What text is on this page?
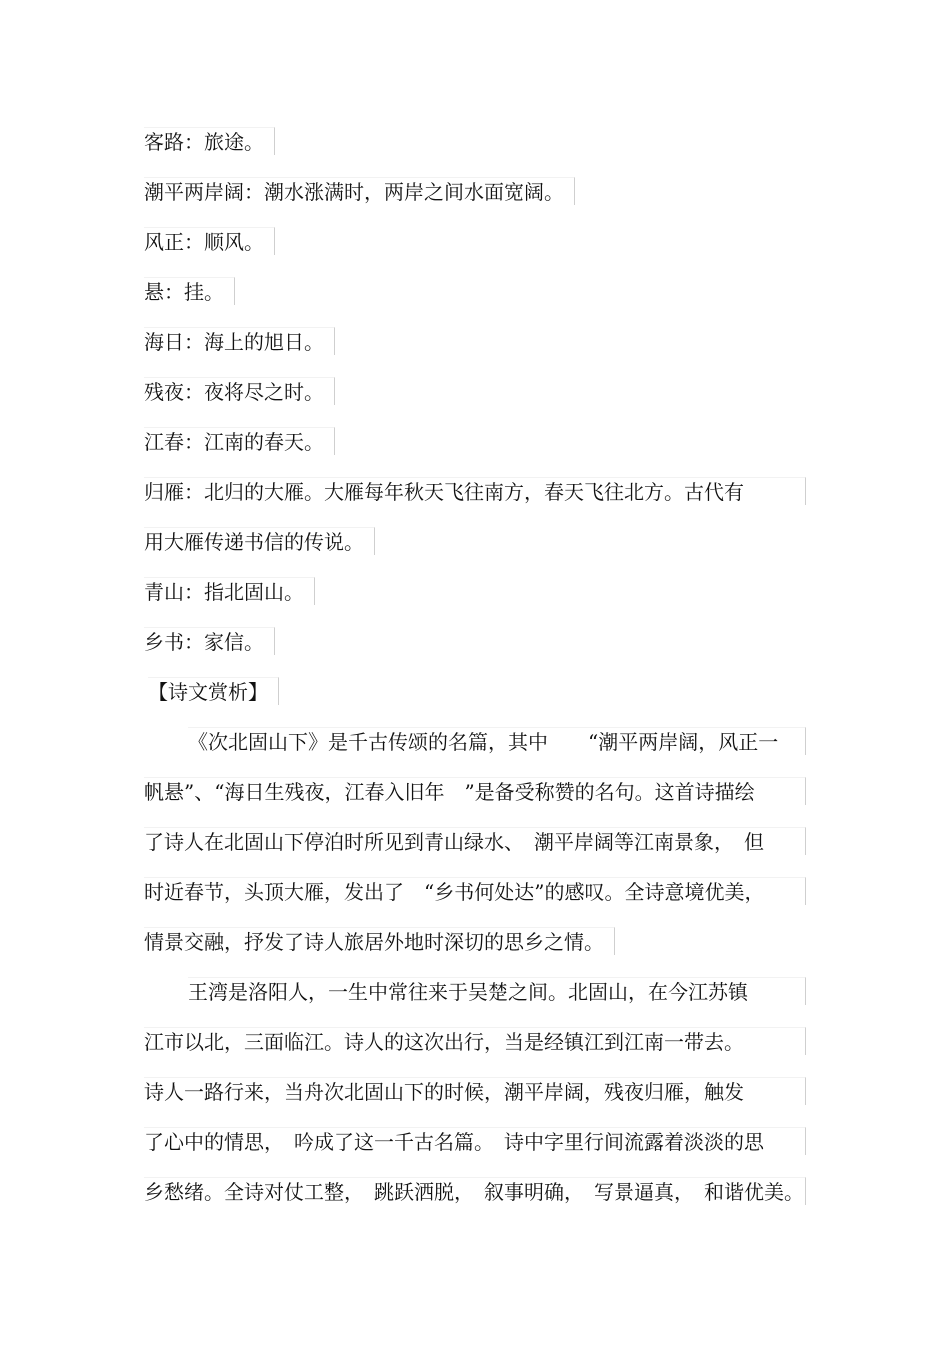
客路：旅途。
潮平两岸阔：潮水涨满时，两岸之间水面宽阔。
风正：顺风。
悬：挂。
海日：海上的旭日。
残夜：夜将尽之时。
江春：江南的春天。
归雁：北归的大雁。大雁每年秋天飞往南方，春天飞往北方。古代有
用大雁传递书信的传说。
青山：指北固山。
乡书：家信。
【诗文赏析】
《次北固山下》是千古传颂的名篇，其中　　“潮平两岸阔，风正一
帆悬”、“海日生残夜，江春入旧年　”是备受称赞的名句。这首诗描绘
了诗人在北固山下停泊时所见到青山绿水、　潮平岸阔等江南景象，　但
时近春节，头顶大雁，发出了　“乡书何处达”的感叹。全诗意境优美，
情景交融，抒发了诗人旅居外地时深切的思乡之情。
王湾是洛阳人，一生中常往来于吴楚之间。北固山，在今江苏镇
江市以北，三面临江。诗人的这次出行，当是经镇江到江南一带去。
诗人一路行来，当舟次北固山下的时候，潮平岸阔，残夜归雁，触发
了心中的情思，　吟成了这一千古名篇。　诗中字里行间流露着淡淡的思
乡愁绪。全诗对仗工整，　跳跃洒脱，　叙事明确，　写景逼真，　和谐优美。
